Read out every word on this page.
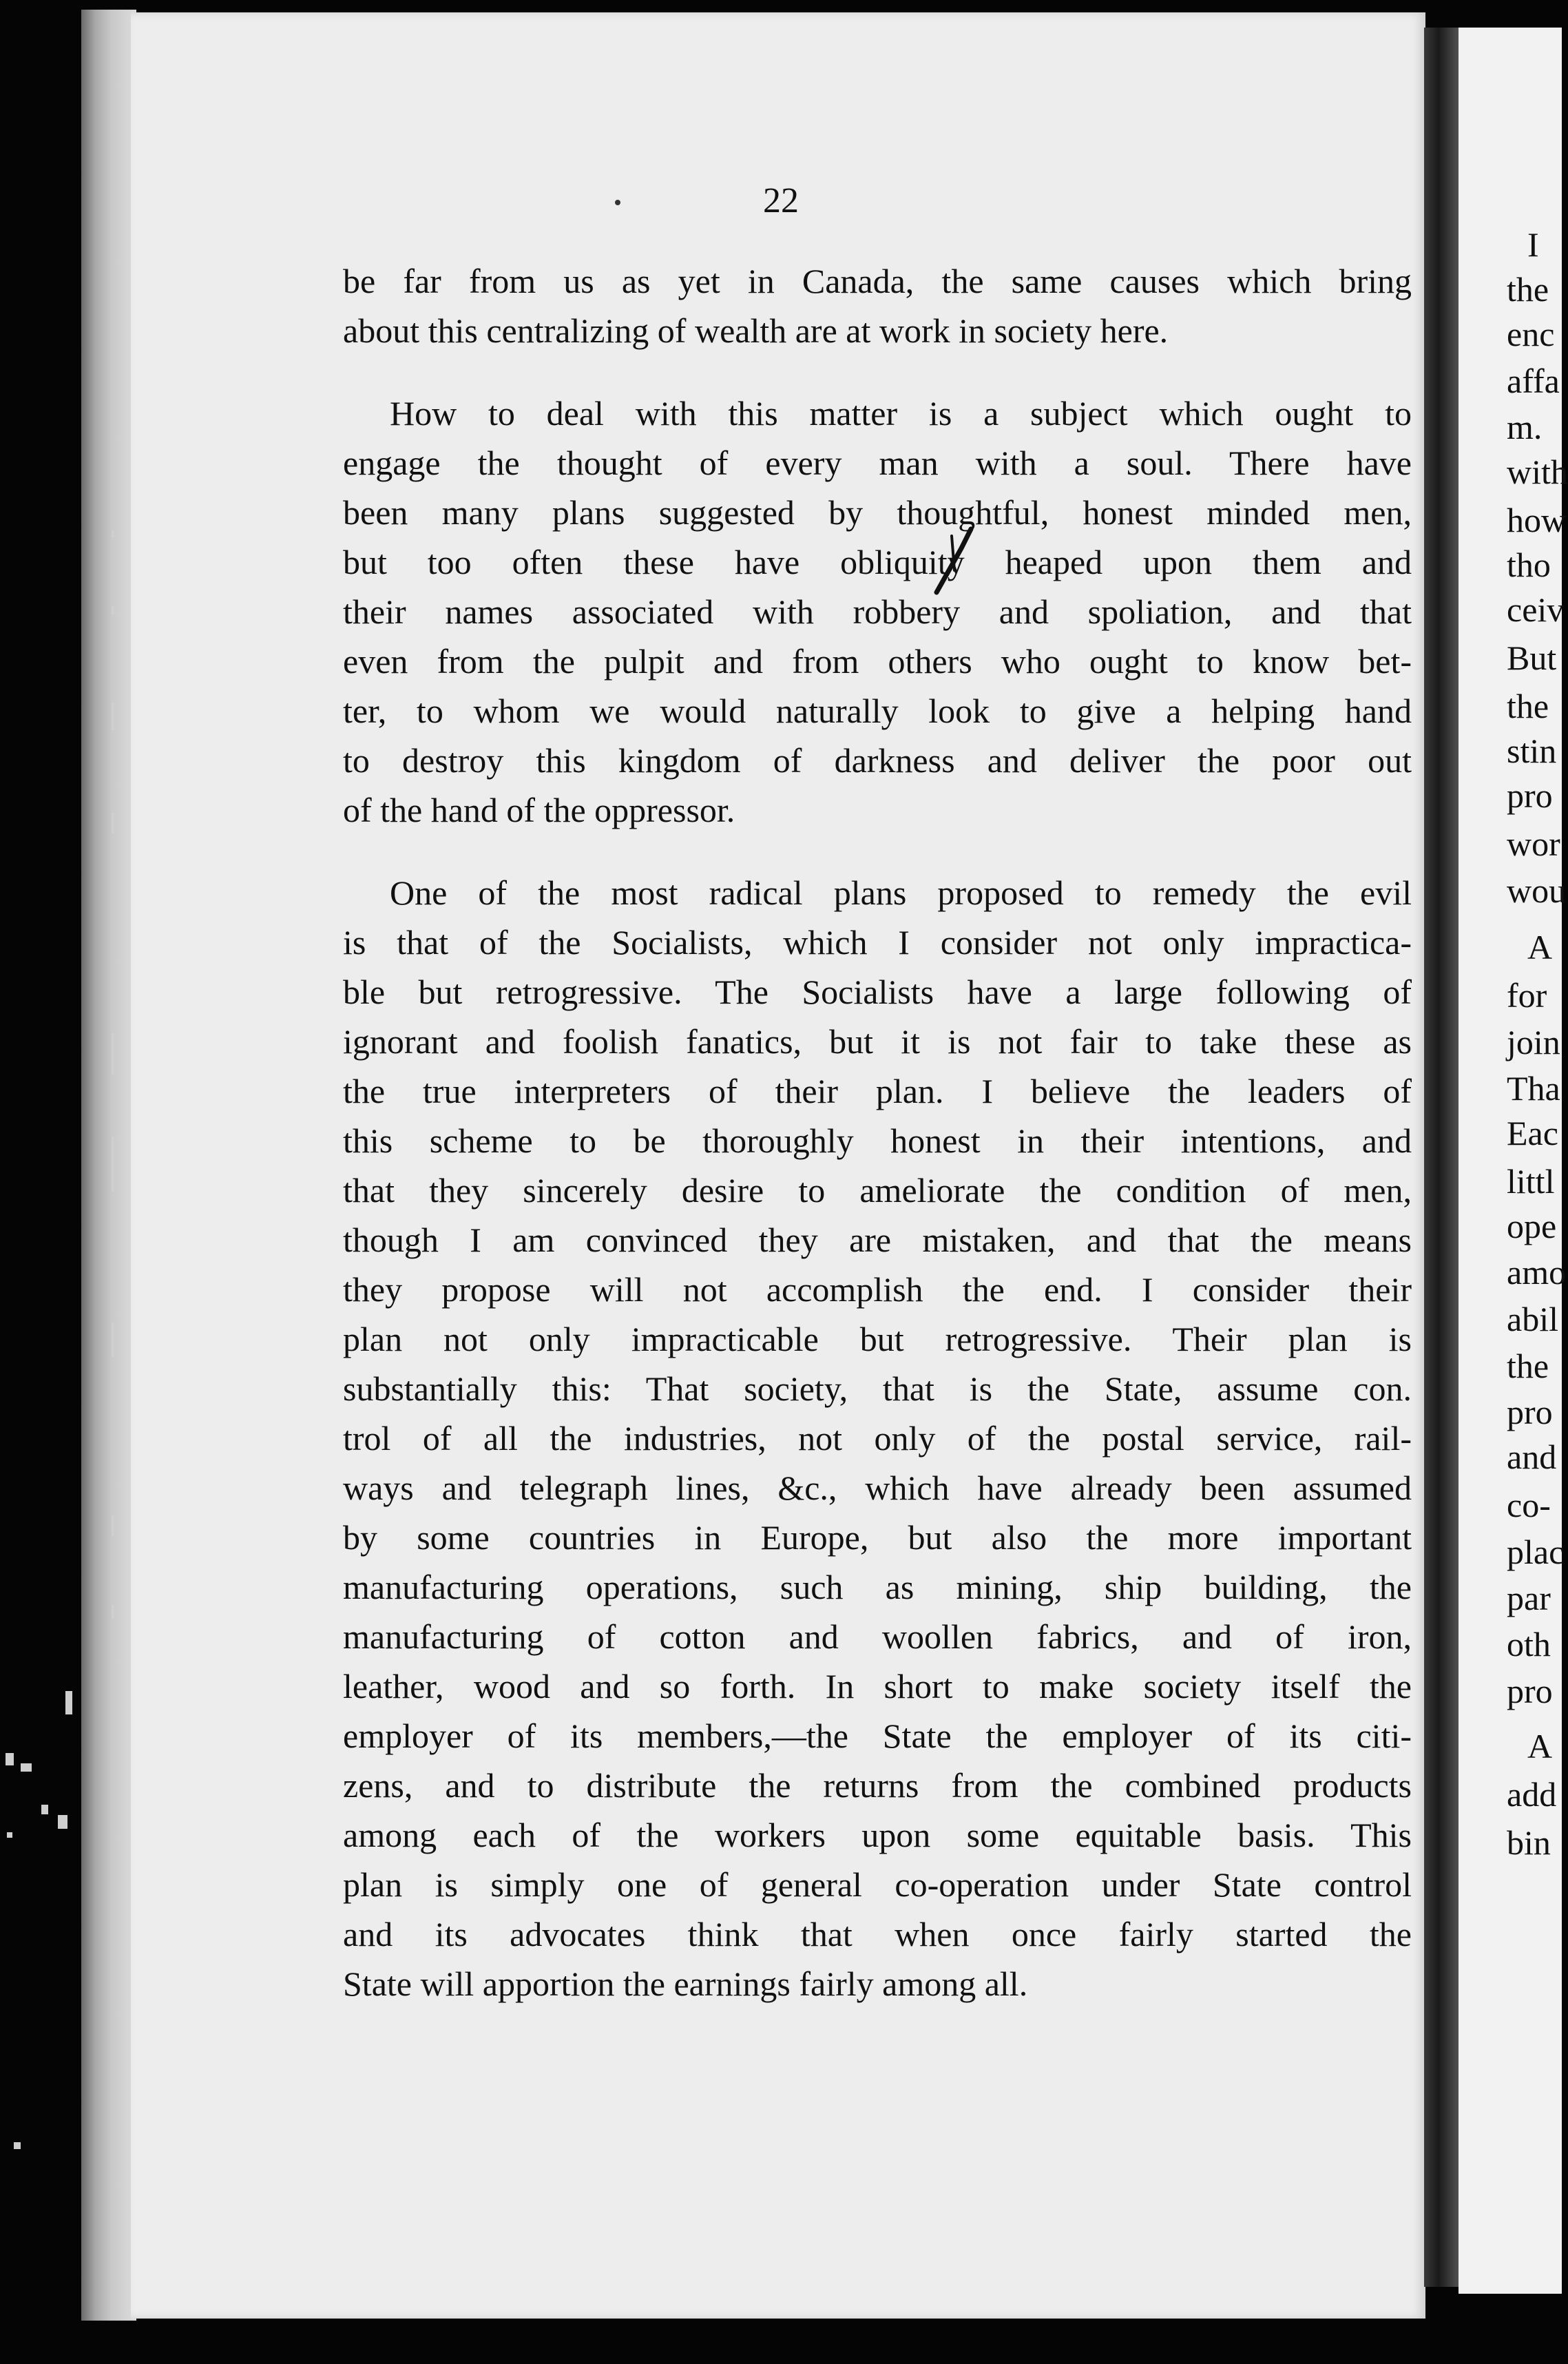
I
the
enc
affa
m.
with
how
tho
ceiv
But
the
stin
pro
wor
wou
A
for
join
Tha
Eac
littl
ope
amo
abil
the
pro
and
co-
plac
par
oth
pro
A
add
bin
22
be far from us as yet in Canada, the same causes which bring
about this centralizing of wealth are at work in society here.
How to deal with this matter is a subject which ought to
engage the thought of every man with a soul. There have
been many plans suggested by thoughtful, honest minded men,
but too often these have obliquity heaped upon them and
their names associated with robbery and spoliation, and that
even from the pulpit and from others who ought to know bet-
ter, to whom we would naturally look to give a helping hand
to destroy this kingdom of darkness and deliver the poor out
of the hand of the oppressor.
One of the most radical plans proposed to remedy the evil
is that of the Socialists, which I consider not only impractica-
ble but retrogressive. The Socialists have a large following of
ignorant and foolish fanatics, but it is not fair to take these as
the true interpreters of their plan. I believe the leaders of
this scheme to be thoroughly honest in their intentions, and
that they sincerely desire to ameliorate the condition of men,
though I am convinced they are mistaken, and that the means
they propose will not accomplish the end. I consider their
plan not only impracticable but retrogressive. Their plan is
substantially this: That society, that is the State, assume con.
trol of all the industries, not only of the postal service, rail-
ways and telegraph lines, &c., which have already been assumed
by some countries in Europe, but also the more important
manufacturing operations, such as mining, ship building, the
manufacturing of cotton and woollen fabrics, and of iron,
leather, wood and so forth. In short to make society itself the
employer of its members,—the State the employer of its citi-
zens, and to distribute the returns from the combined products
among each of the workers upon some equitable basis. This
plan is simply one of general co-operation under State control
and its advocates think that when once fairly started the
State will apportion the earnings fairly among all.
